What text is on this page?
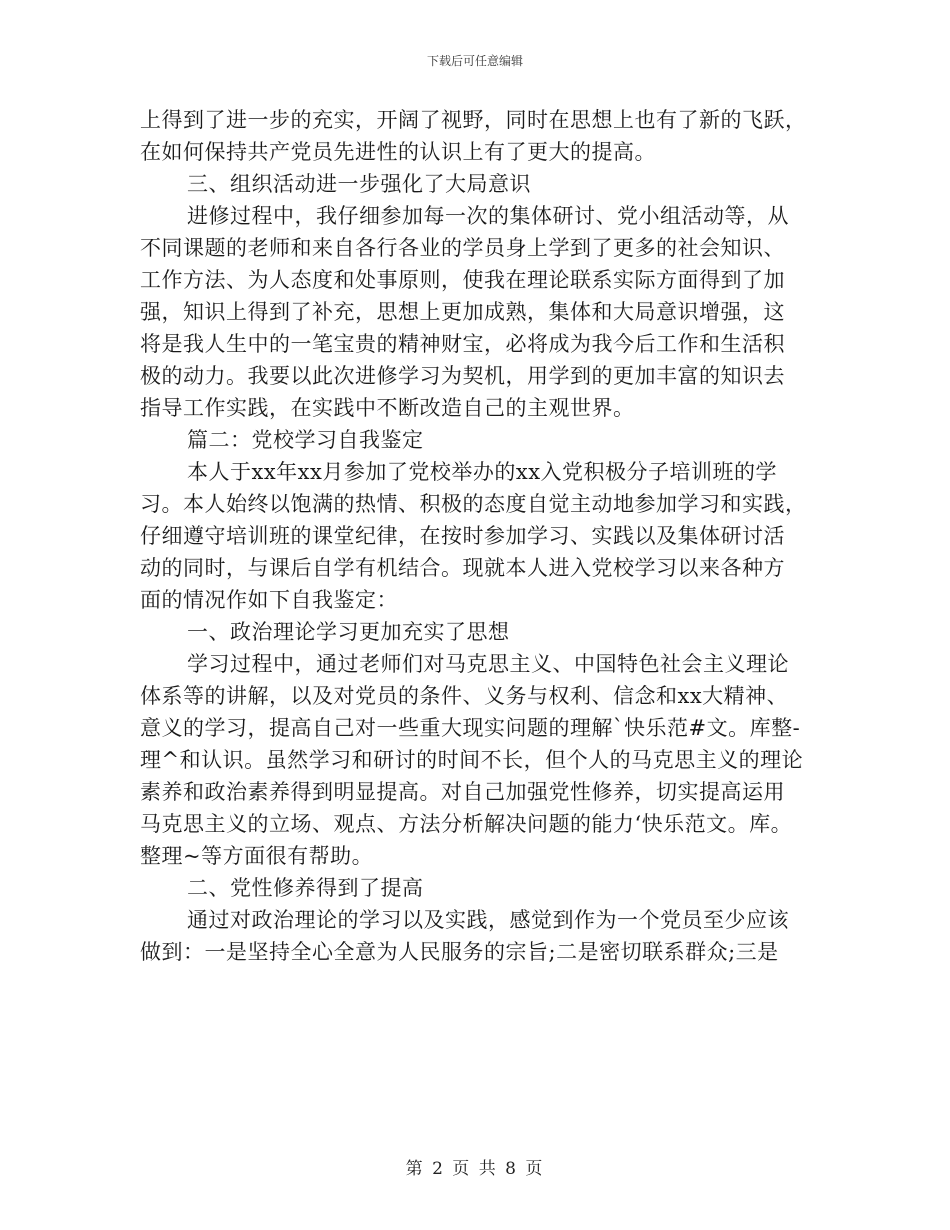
下载后可任意编辑
上得到了进一步的充实，开阔了视野，同时在思想上也有了新的飞跃，
在如何保持共产党员先进性的认识上有了更大的提高。
三、组织活动进一步强化了大局意识
进修过程中，我仔细参加每一次的集体研讨、党小组活动等，从
不同课题的老师和来自各行各业的学员身上学到了更多的社会知识、
工作方法、为人态度和处事原则，使我在理论联系实际方面得到了加
强，知识上得到了补充，思想上更加成熟，集体和大局意识增强，这
将是我人生中的一笔宝贵的精神财宝，必将成为我今后工作和生活积
极的动力。我要以此次进修学习为契机，用学到的更加丰富的知识去
指导工作实践，在实践中不断改造自己的主观世界。
篇二：党校学习自我鉴定
本人于xx年xx月参加了党校举办的xx入党积极分子培训班的学
习。本人始终以饱满的热情、积极的态度自觉主动地参加学习和实践，
仔细遵守培训班的课堂纪律，在按时参加学习、实践以及集体研讨活
动的同时，与课后自学有机结合。现就本人进入党校学习以来各种方
面的情况作如下自我鉴定：
一、政治理论学习更加充实了思想
学习过程中，通过老师们对马克思主义、中国特色社会主义理论
体系等的讲解，以及对党员的条件、义务与权利、信念和xx大精神、
意义的学习，提高自己对一些重大现实问题的理解`快乐范#文。库整-
理^和认识。虽然学习和研讨的时间不长，但个人的马克思主义的理论
素养和政治素养得到明显提高。对自己加强党性修养，切实提高运用
马克思主义的立场、观点、方法分析解决问题的能力‘快乐范文。库。
整理~等方面很有帮助。
二、党性修养得到了提高
通过对政治理论的学习以及实践，感觉到作为一个党员至少应该
做到：一是坚持全心全意为人民服务的宗旨;二是密切联系群众;三是
第 2 页 共 8 页
